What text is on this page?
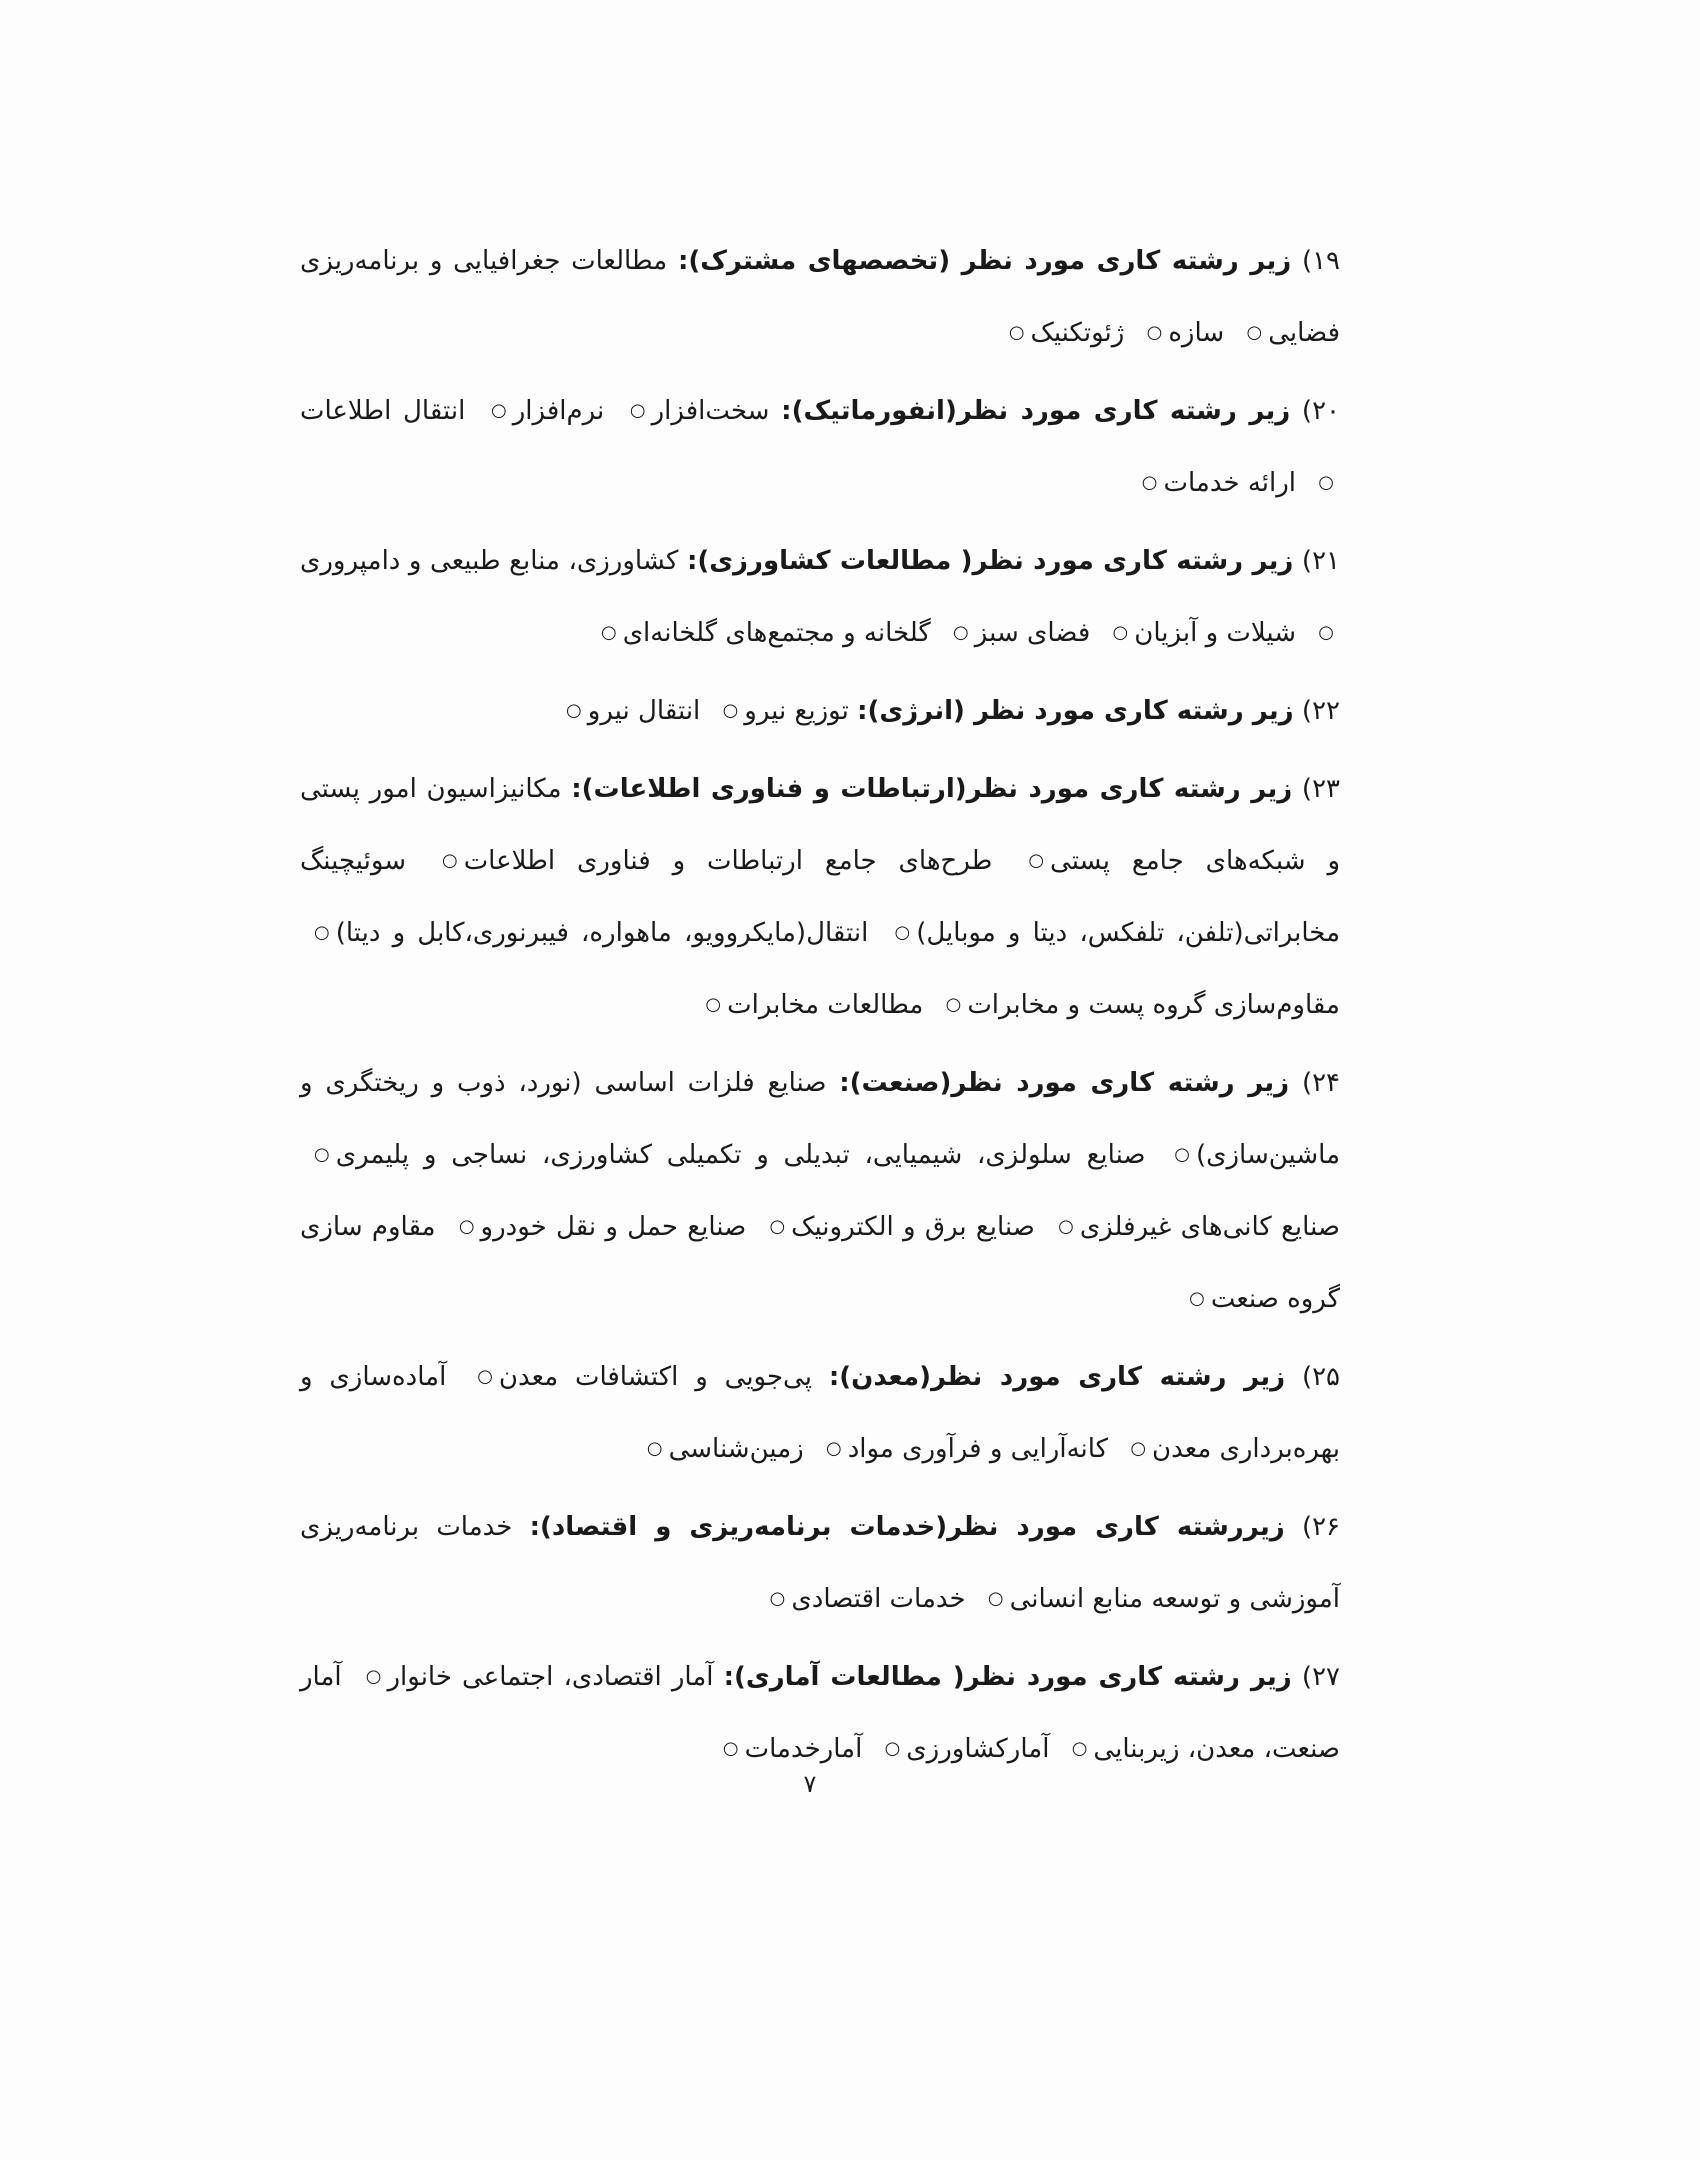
۱۹) زیر رشته کاری مورد نظر (تخصصهای مشترک): مطالعات جغرافیایی و برنامه‌ریزی فضایی○ سازه○ ژئوتکنیک○

۲۰) زیر رشته کاری مورد نظر(انفورماتیک): سخت‌افزار○ نرم‌افزار○ انتقال اطلاعات○ ارائه خدمات○

۲۱) زیر رشته کاری مورد نظر( مطالعات کشاورزی): کشاورزی، منابع طبیعی و دامپروری○ شیلات و آبزیان○ فضای سبز○ گلخانه و مجتمع‌های گلخانه‌ای○

۲۲) زیر رشته کاری مورد نظر (انرژی): توزیع نیرو○ انتقال نیرو○

۲۳) زیر رشته کاری مورد نظر(ارتباطات و فناوری اطلاعات): مکانیزاسیون امور پستی و شبکه‌های جامع پستی○ طرح‌های جامع ارتباطات و فناوری اطلاعات○ سوئیچینگ مخابراتی(تلفن، تلفکس، دیتا و موبایل)○ انتقال(مایکروویو، ماهواره، فیبرنوری،کابل و دیتا)○ مقاوم‌سازی گروه پست و مخابرات○ مطالعات مخابرات○

۲۴) زیر رشته کاری مورد نظر(صنعت): صنایع فلزات اساسی (نورد، ذوب و ریختگری و ماشین‌سازی)○ صنایع سلولزی، شیمیایی، تبدیلی و تکمیلی کشاورزی، نساجی و پلیمری○ صنایع کانی‌های غیرفلزی○ صنایع برق و الکترونیک○ صنایع حمل و نقل خودرو○ مقاوم سازی گروه صنعت○

۲۵) زیر رشته کاری مورد نظر(معدن): پی‌جویی و اکتشافات معدن○ آماده‌سازی و بهره‌برداری معدن○ کانه‌آرایی و فرآوری مواد○ زمین‌شناسی○

۲۶) زیررشته کاری مورد نظر(خدمات برنامه‌ریزی و اقتصاد): خدمات برنامه‌ریزی آموزشی و توسعه منابع انسانی○ خدمات اقتصادی○

۲۷) زیر رشته کاری مورد نظر( مطالعات آماری): آمار اقتصادی، اجتماعی خانوار○ آمار صنعت، معدن، زیربنایی○ آمارکشاورزی○ آمارخدمات○

۷
